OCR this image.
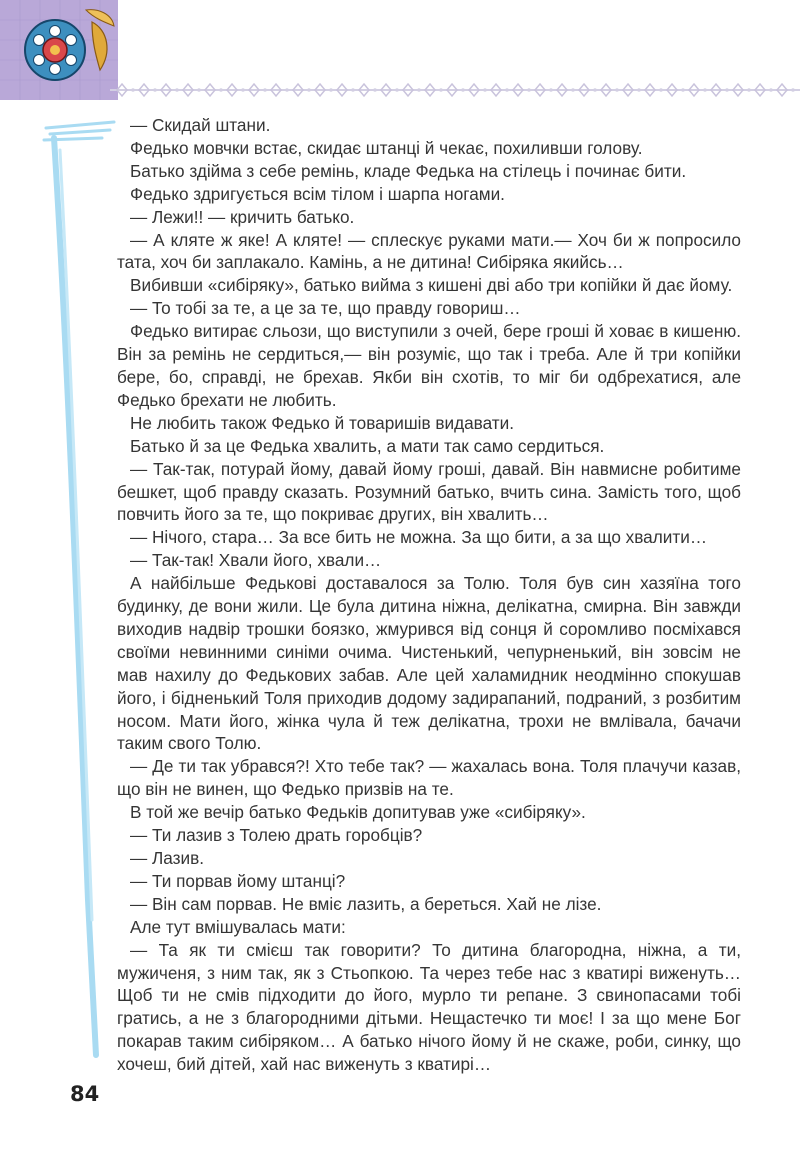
— Скидай штани.

Федько мовчки встає, скидає штанці й чекає, похиливши голову.

Батько здійма з себе ремінь, кладе Федька на стілець і починає бити.

Федько здригується всім тілом і шарпа ногами.

— Лежи!! — кричить батько.

— А кляте ж яке! А кляте! — сплескує руками мати.— Хоч би ж попросило тата, хоч би заплакало. Камінь, а не дитина! Сибіряка якийсь…

Вибивши «сибіряку», батько виймa з кишені дві або три копійки й дає йому.

— То тобі за те, а це за те, що правду говориш…

Федько витирає сльози, що виступили з очей, бере гроші й ховає в кишеню. Він за ремінь не сердиться,— він розуміє, що так і треба. Але й три копійки бере, бо, справді, не брехав. Якби він схотів, то міг би одбрехатися, але Федько брехати не любить.

Не любить також Федько й товаришів видавати.

Батько й за це Федька хвалить, а мати так само сердиться.

— Так-так, потурай йому, давай йому гроші, давай. Він навмисне робитиме бешкет, щоб правду сказать. Розумний батько, вчить сина. Замість того, щоб повчить його за те, що покриває других, він хвалить…

— Нічого, стара… За все бить не можна. За що бити, а за що хвалити…

— Так-так! Хвали його, хвали…

А найбільше Федькові доставалося за Толю. Толя був син хазяїна того будинку, де вони жили. Це була дитина ніжна, делікатна, смирна. Він завжди виходив надвір трошки боязко, жмурився від сонця й соромливо посміхався своїми невинними синіми очима. Чистенький, чепурненький, він зовсім не мав нахилу до Федькових забав. Але цей халамидник неодмінно спокушав його, і бідненький Толя приходив додому задирапаний, подраний, з розбитим носом. Мати його, жінка чула й теж делікатна, трохи не вмлівала, бачачи таким свого Толю.

— Де ти так убрався?! Хто тебе так? — жахалась вона. Толя плачучи казав, що він не винен, що Федько призвів на те.

В той же вечір батько Федьків допитував уже «сибіряку».

— Ти лазив з Толею драть горобців?

— Лазив.

— Ти порвав йому штанці?

— Він сам порвав. Не вміє лазить, а береться. Хай не лізе.

Але тут вмішувалась мати:

— Та як ти смієш так говорити? То дитина благородна, ніжна, а ти, мужиченя, з ним так, як з Стьопкою. Та через тебе нас з кватирі виженуть… Щоб ти не смів підходити до його, мурло ти репане. З свинопасами тобі гратись, а не з благородними дітьми. Нещастечко ти моє! І за що мене Бог покарав таким сибіряком… А батько нічого йому й не скаже, роби, синку, що хочеш, бий дітей, хай нас виженуть з кватирі…

84
